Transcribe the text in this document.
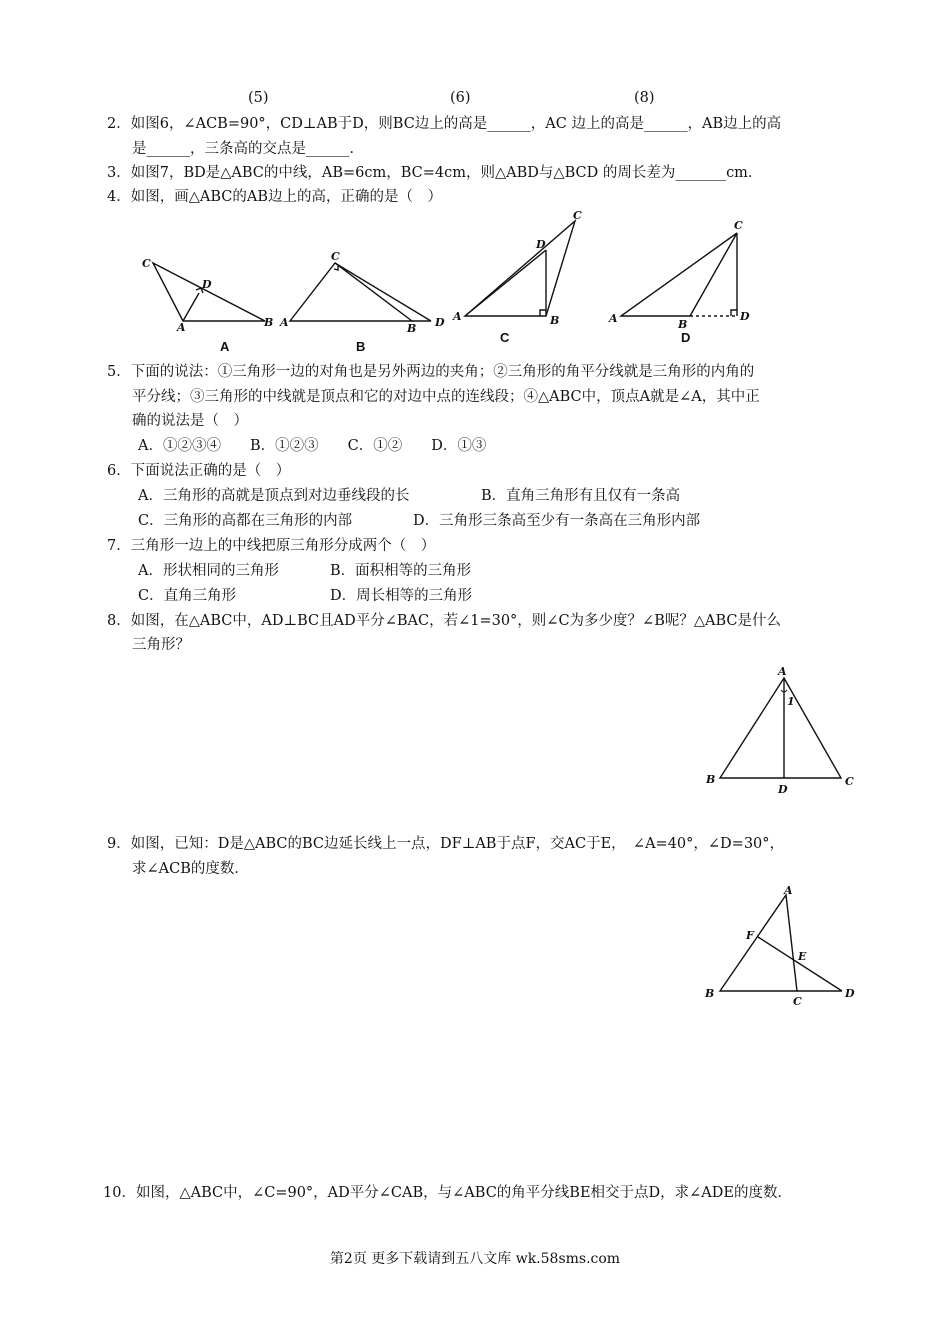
(5)	(6)	(8)
2．如图6，∠ACB=90°，CD⊥AB于D，则BC边上的高是______，AC 边上的高是______，AB边上的高
是______，三条高的交点是______．
3．如图7，BD是△ABC的中线，AB=6cm，BC=4cm，则△ABD与△BCD 的周长差为_______cm．
4．如图，画△ABC的AB边上的高，正确的是（　）
C
D
A	B
A
C
A	B D
B
C
D
A	B
C
C
A	B
D
D
5．下面的说法：①三角形一边的对角也是另外两边的夹角；②三角形的角平分线就是三角形的内角的
平分线；③三角形的中线就是顶点和它的对边中点的连线段；④△ABC中，顶点A就是∠A，其中正
确的说法是（　）
A．①②③④　　B．①②③　　C．①②　　D．①③
6．下面说法正确的是（　）
A．三角形的高就是顶点到对边垂线段的长	B．直角三角形有且仅有一条高
C．三角形的高都在三角形的内部	D．三角形三条高至少有一条高在三角形内部
7．三角形一边上的中线把原三角形分成两个（　）
A．形状相同的三角形	B．面积相等的三角形
C．直角三角形	D．周长相等的三角形
8．如图，在△ABC中，AD⊥BC且AD平分∠BAC，若∠1=30°，则∠C为多少度？∠B呢？△ABC是什么
三角形？
A
1
B
D
C
9．如图，已知：D是△ABC的BC边延长线上一点，DF⊥AB于点F，交AC于E，　∠A=40°，∠D=30°，
求∠ACB的度数．
A
F
E
B
C
D
10．如图，△ABC中，∠C=90°，AD平分∠CAB，与∠ABC的角平分线BE相交于点D，求∠ADE的度数．
第2页 更多下载请到五八文库 wk.58sms.com
